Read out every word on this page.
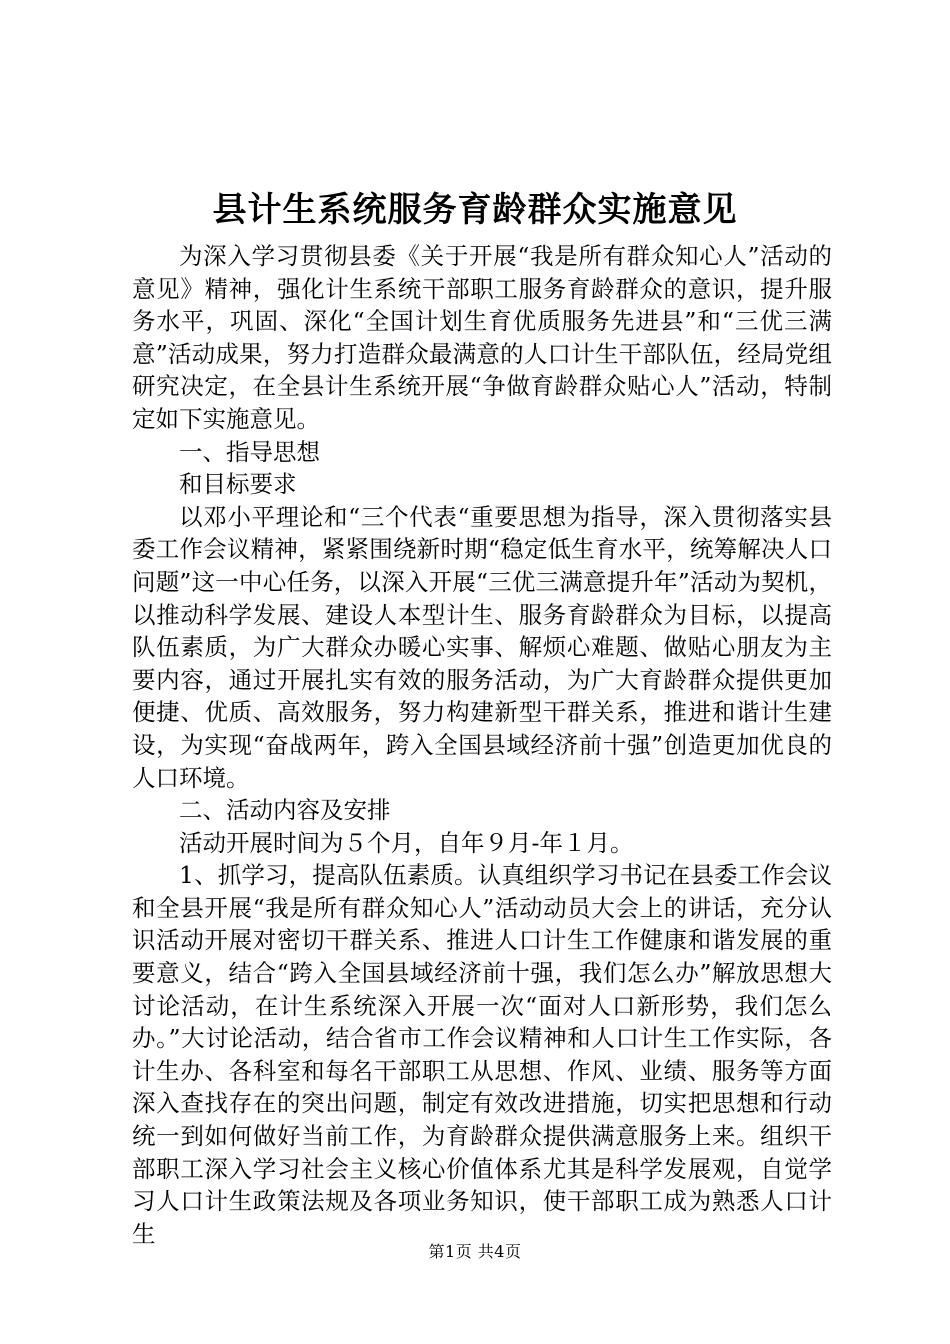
县计生系统服务育龄群众实施意见

为深入学习贯彻县委《关于开展“我是所有群众知心人”活动的意见》精神，强化计生系统干部职工服务育龄群众的意识，提升服务水平，巩固、深化“全国计划生育优质服务先进县”和“三优三满意”活动成果，努力打造群众最满意的人口计生干部队伍，经局党组研究决定，在全县计生系统开展“争做育龄群众贴心人”活动，特制定如下实施意见。

一、指导思想

和目标要求

以邓小平理论和“三个代表“重要思想为指导，深入贯彻落实县委工作会议精神，紧紧围绕新时期“稳定低生育水平，统筹解决人口问题”这一中心任务，以深入开展“三优三满意提升年”活动为契机，以推动科学发展、建设人本型计生、服务育龄群众为目标，以提高队伍素质，为广大群众办暖心实事、解烦心难题、做贴心朋友为主要内容，通过开展扎实有效的服务活动，为广大育龄群众提供更加便捷、优质、高效服务，努力构建新型干群关系，推进和谐计生建设，为实现“奋战两年，跨入全国县域经济前十强”创造更加优良的人口环境。

二、活动内容及安排

活动开展时间为５个月，自年９月-年１月。

1、抓学习，提高队伍素质。认真组织学习书记在县委工作会议和全县开展“我是所有群众知心人”活动动员大会上的讲话，充分认识活动开展对密切干群关系、推进人口计生工作健康和谐发展的重要意义，结合“跨入全国县域经济前十强，我们怎么办”解放思想大讨论活动，在计生系统深入开展一次“面对人口新形势，我们怎么办。”大讨论活动，结合省市工作会议精神和人口计生工作实际，各计生办、各科室和每名干部职工从思想、作风、业绩、服务等方面深入查找存在的突出问题，制定有效改进措施，切实把思想和行动统一到如何做好当前工作，为育龄群众提供满意服务上来。组织干部职工深入学习社会主义核心价值体系尤其是科学发展观，自觉学习人口计生政策法规及各项业务知识，使干部职工成为熟悉人口计生

第1页 共4页
